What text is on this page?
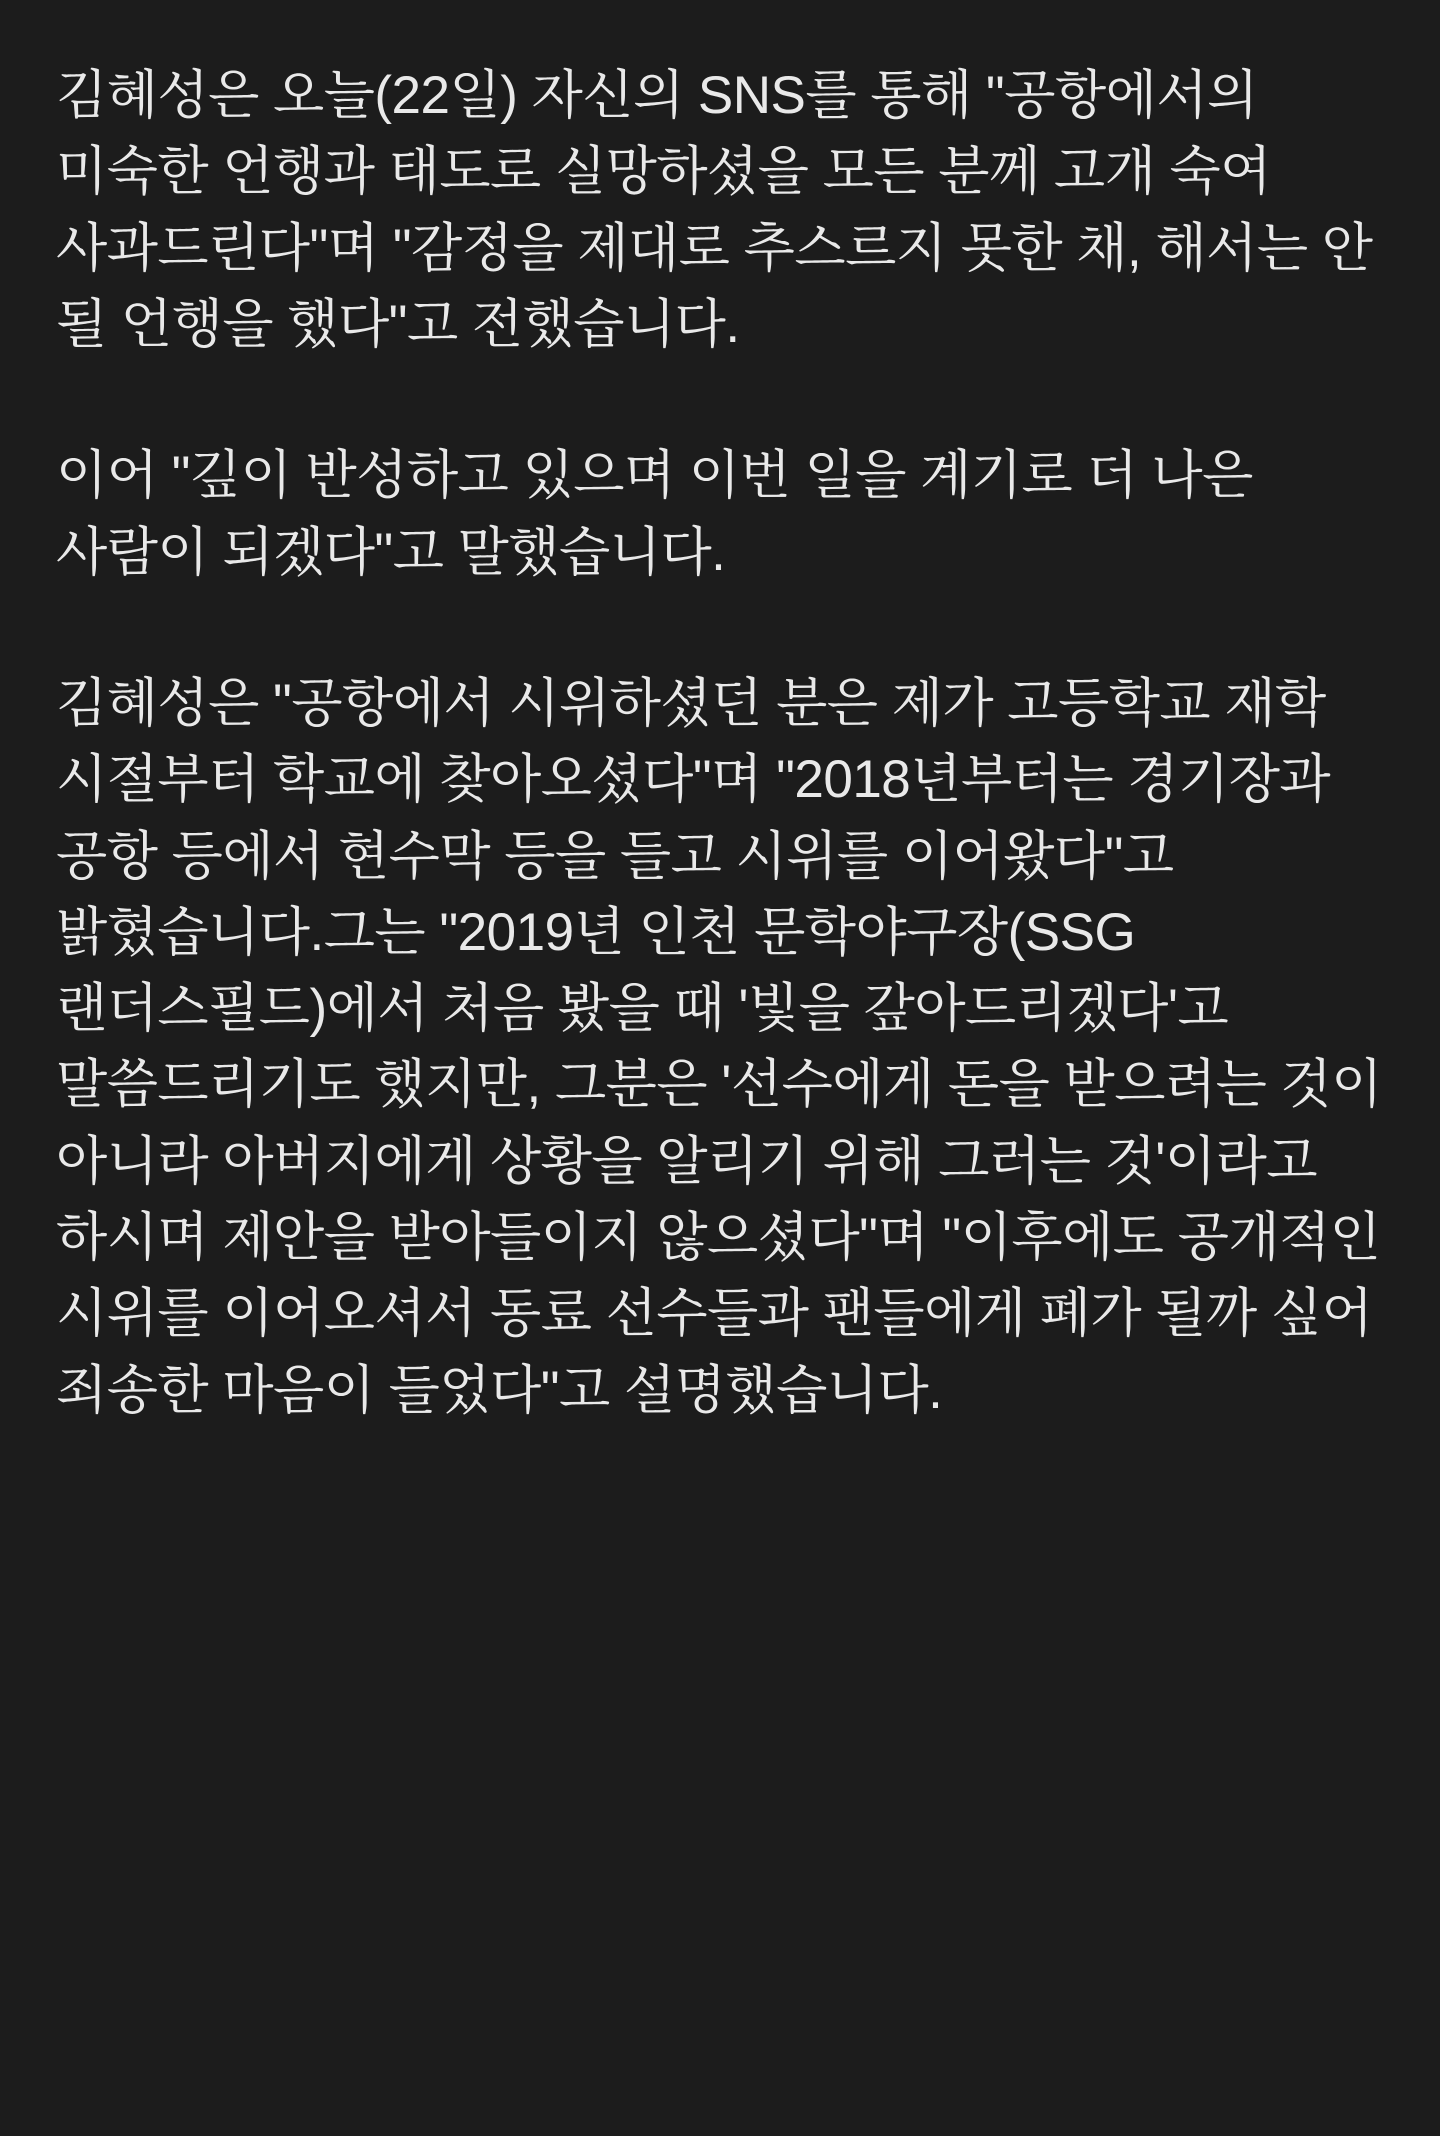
김혜성은 오늘(22일) 자신의 SNS를 통해 "공항에서의 미숙한 언행과 태도로 실망하셨을 모든 분께 고개 숙여 사과드린다"며 "감정을 제대로 추스르지 못한 채, 해서는 안 될 언행을 했다"고 전했습니다.

이어 "깊이 반성하고 있으며 이번 일을 계기로 더 나은 사람이 되겠다"고 말했습니다.

김혜성은 "공항에서 시위하셨던 분은 제가 고등학교 재학 시절부터 학교에 찾아오셨다"며 "2018년부터는 경기장과 공항 등에서 현수막 등을 들고 시위를 이어왔다"고 밝혔습니다.그는 "2019년 인천 문학야구장(SSG 랜더스필드)에서 처음 봤을 때 '빛을 갚아드리겠다'고 말씀드리기도 했지만, 그분은 '선수에게 돈을 받으려는 것이 아니라 아버지에게 상황을 알리기 위해 그러는 것'이라고 하시며 제안을 받아들이지 않으셨다"며 "이후에도 공개적인 시위를 이어오셔서 동료 선수들과 팬들에게 폐가 될까 싶어 죄송한 마음이 들었다"고 설명했습니다.
